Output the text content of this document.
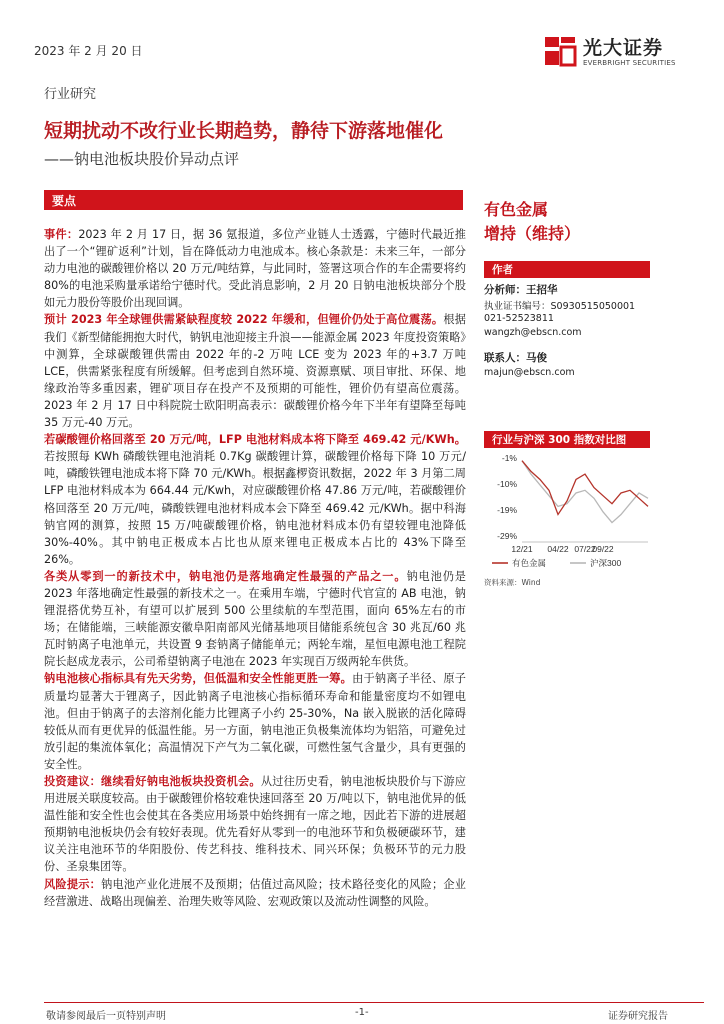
2023 年 2 月 20 日	光大证券
EVERBRIGHT SECURITIES
行业研究
短期扰动不改行业长期趋势，静待下游落地催化
——钠电池板块股价异动点评
要点

事件：2023 年 2 月 17 日，据 36 氪报道，多位产业链人士透露，宁德时代最近推出了一个“锂矿返利”计划，旨在降低动力电池成本。核心条款是：未来三年，一部分动力电池的碳酸锂价格以 20 万元/吨结算，与此同时，签署这项合作的车企需要将约 80%的电池采购量承诺给宁德时代。受此消息影响，2 月 20 日钠电池板块部分个股如元力股份等股价出现回调。

预计 2023 年全球锂供需紧缺程度较 2022 年缓和，但锂价仍处于高位震荡。根据我们《新型储能拥抱大时代，钠钒电池迎接主升浪——能源金属 2023 年度投资策略》中测算，全球碳酸锂供需由 2022 年的-2 万吨 LCE 变为 2023 年的+3.7 万吨 LCE，供需紧张程度有所缓解。但考虑到自然环境、资源禀赋、项目审批、环保、地缘政治等多重因素，锂矿项目存在投产不及预期的可能性，锂价仍有望高位震荡。2023 年 2 月 17 日中科院院士欧阳明高表示：碳酸锂价格今年下半年有望降至每吨 35 万元-40 万元。

若碳酸锂价格回落至 20 万元/吨，LFP 电池材料成本将下降至 469.42 元/KWh。若按照每 KWh 磷酸铁锂电池消耗 0.7Kg 碳酸锂计算，碳酸锂价格每下降 10 万元/吨，磷酸铁锂电池成本将下降 70 元/KWh。根据鑫椤资讯数据，2022 年 3 月第二周 LFP 电池材料成本为 664.44 元/Kwh，对应碳酸锂价格 47.86 万元/吨，若碳酸锂价格回落至 20 万元/吨，磷酸铁锂电池材料成本会下降至 469.42 元/KWh。据中科海钠官网的测算，按照 15 万/吨碳酸锂价格，钠电池材料成本仍有望较锂电池降低 30%-40%。其中钠电正极成本占比也从原来锂电正极成本占比的 43%下降至 26%。

各类从零到一的新技术中，钠电池仍是落地确定性最强的产品之一。钠电池仍是 2023 年落地确定性最强的新技术之一。在乘用车端，宁德时代官宣的 AB 电池，钠锂混搭优势互补，有望可以扩展到 500 公里续航的车型范围，面向 65%左右的市场；在储能端，三峡能源安徽阜阳南部风光储基地项目储能系统包含 30 兆瓦/60 兆瓦时钠离子电池单元，共设置 9 套钠离子储能单元；两轮车端，星恒电源电池工程院院长赵成龙表示，公司希望钠离子电池在 2023 年实现百万级两轮车供货。

钠电池核心指标具有先天劣势，但低温和安全性能更胜一筹。由于钠离子半径、原子质量均显著大于锂离子，因此钠离子电池核心指标循环寿命和能量密度均不如锂电池。但由于钠离子的去溶剂化能力比锂离子小约 25-30%，Na 嵌入脱嵌的活化障碍较低从而有更优异的低温性能。另一方面，钠电池正负极集流体均为铝箔，可避免过放引起的集流体氧化；高温情况下产气为二氧化碳，可燃性氢气含量少，具有更强的安全性。

投资建议：继续看好钠电池板块投资机会。从过往历史看，钠电池板块股价与下游应用进展关联度较高。由于碳酸锂价格较难快速回落至 20 万/吨以下，钠电池优异的低温性能和安全性也会使其在各类应用场景中始终拥有一席之地，因此若下游的进展超预期钠电池板块仍会有较好表现。优先看好从零到一的电池环节和负极硬碳环节，建议关注电池环节的华阳股份、传艺科技、维科技术、同兴环保；负极环节的元力股份、圣泉集团等。

风险提示：钠电池产业化进展不及预期；估值过高风险；技术路径变化的风险；企业经营激进、战略出现偏差、治理失败等风险、宏观政策以及流动性调整的风险。

有色金属
增持（维持）
作者
分析师：王招华
执业证书编号：S0930515050001
021-52523811
wangzh@ebscn.com
联系人：马俊
majun@ebscn.com
行业与沪深 300 指数对比图
-1%
-10%
-19%
-29%
12/21 04/22 07/22
09/22
有色金属	沪深300
资料来源：Wind
敬请参阅最后一页特别声明	-1-	证券研究报告
